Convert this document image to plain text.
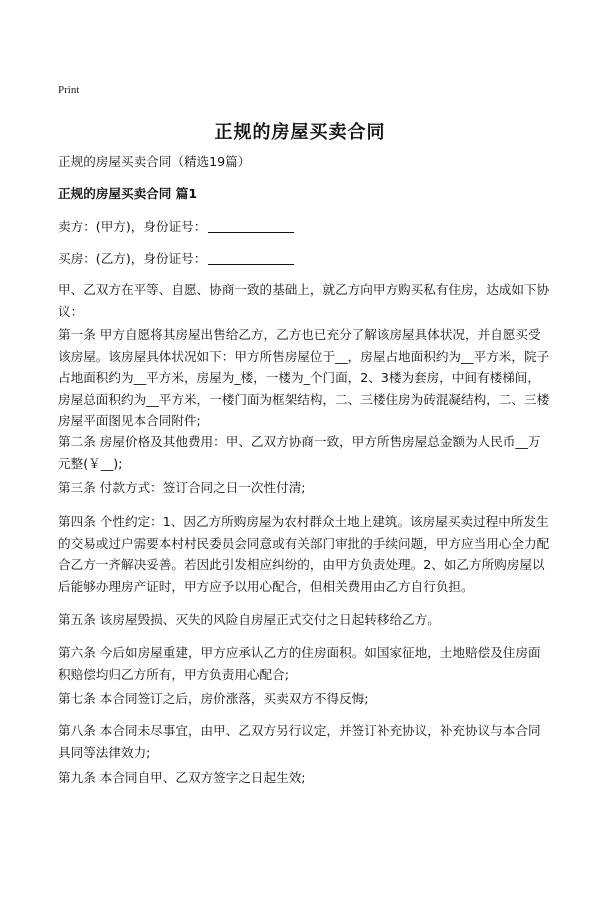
Print
正规的房屋买卖合同

正规的房屋买卖合同（精选19篇）

正规的房屋买卖合同 篇1

卖方：(甲方)，身份证号：

买房：(乙方)，身份证号：

甲、乙双方在平等、自愿、协商一致的基础上，就乙方向甲方购买私有住房，达成如下协议：

第一条 甲方自愿将其房屋出售给乙方，乙方也已充分了解该房屋具体状况，并自愿买受该房屋。该房屋具体状况如下：甲方所售房屋位于__，房屋占地面积约为__平方米，院子占地面积约为__平方米，房屋为_楼，一楼为_个门面，2、3楼为套房，中间有楼梯间，房屋总面积约为__平方米，一楼门面为框架结构，二、三楼住房为砖混凝结构，二、三楼房屋平面图见本合同附件;

第二条 房屋价格及其他费用：甲、乙双方协商一致，甲方所售房屋总金额为人民币__万元整(￥__);

第三条 付款方式：签订合同之日一次性付清;

第四条 个性约定：1、因乙方所购房屋为农村群众土地上建筑。该房屋买卖过程中所发生的交易或过户需要本村村民委员会同意或有关部门审批的手续问题，甲方应当用心全力配合乙方一齐解决妥善。若因此引发相应纠纷的，由甲方负责处理。2、如乙方所购房屋以后能够办理房产证时，甲方应予以用心配合，但相关费用由乙方自行负担。

第五条 该房屋毁损、灭失的风险自房屋正式交付之日起转移给乙方。

第六条 今后如房屋重建，甲方应承认乙方的住房面积。如国家征地，土地赔偿及住房面积赔偿均归乙方所有，甲方负责用心配合;

第七条 本合同签订之后，房价涨落，买卖双方不得反悔;

第八条 本合同未尽事宜，由甲、乙双方另行议定，并签订补充协议，补充协议与本合同具同等法律效力;

第九条 本合同自甲、乙双方签字之日起生效;
